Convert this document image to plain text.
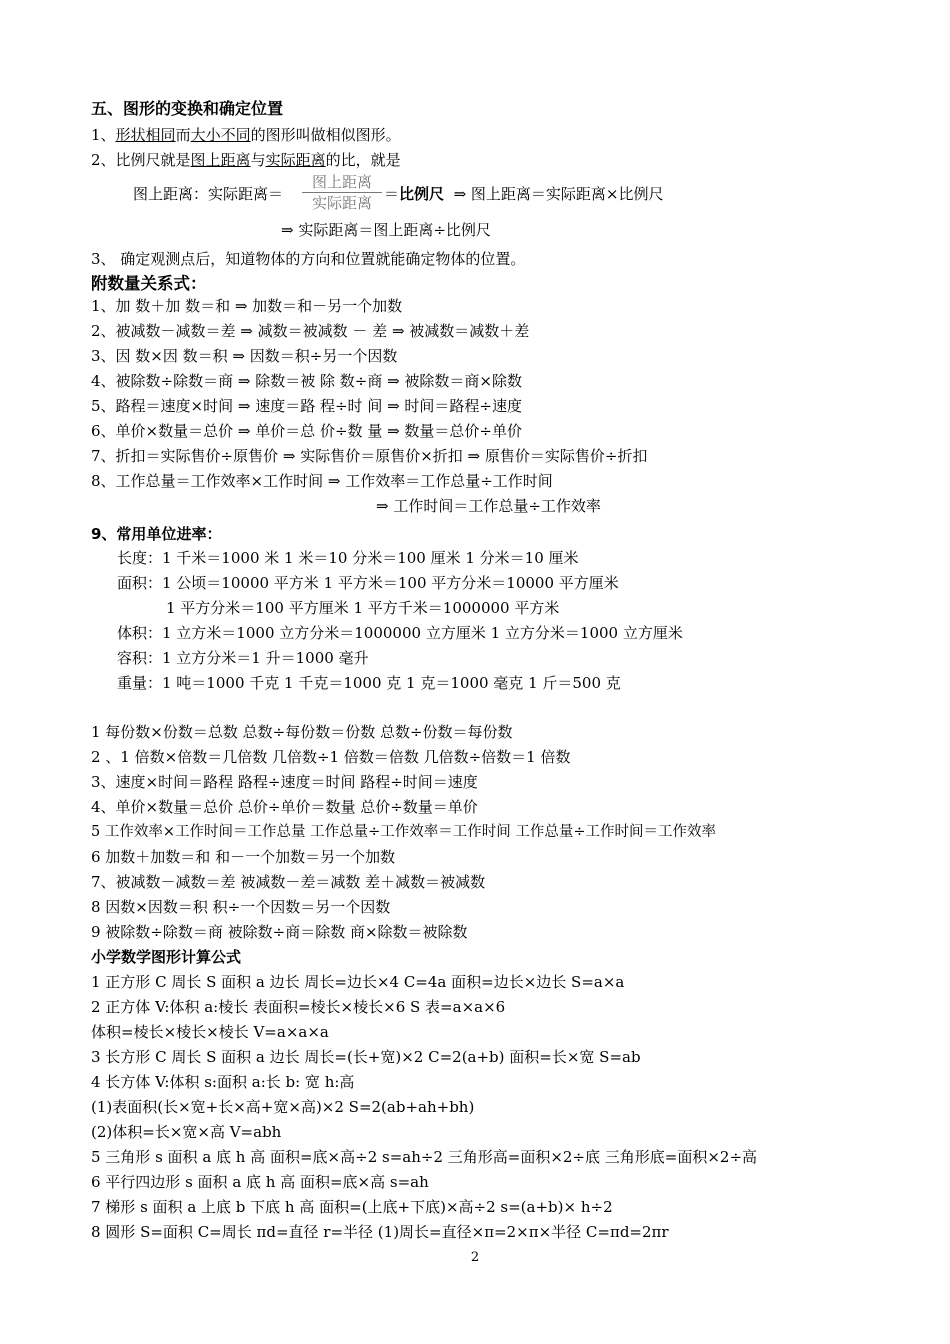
五、图形的变换和确定位置
1、形状相同而大小不同的图形叫做相似图形。
2、比例尺就是图上距离与实际距离的比，就是
图上距离：实际距离＝
图上距离
实际距离 ＝比例尺 ⇒ 图上距离＝实际距离×比例尺
⇒ 实际距离＝图上距离÷比例尺
3、 确定观测点后，知道物体的方向和位置就能确定物体的位置。
附数量关系式：
1、加 数＋加 数＝和 ⇒ 加数＝和－另一个加数
2、被减数－减数＝差 ⇒ 减数＝被减数 － 差 ⇒ 被减数＝减数＋差
3、因 数×因 数＝积 ⇒ 因数＝积÷另一个因数
4、被除数÷除数＝商 ⇒ 除数＝被 除 数÷商 ⇒ 被除数＝商×除数
5、路程＝速度×时间 ⇒ 速度＝路 程÷时 间 ⇒ 时间＝路程÷速度
6、单价×数量＝总价 ⇒ 单价＝总 价÷数 量 ⇒ 数量＝总价÷单价
7、折扣＝实际售价÷原售价 ⇒ 实际售价＝原售价×折扣 ⇒ 原售价＝实际售价÷折扣
8、工作总量＝工作效率×工作时间 ⇒ 工作效率＝工作总量÷工作时间
⇒ 工作时间＝工作总量÷工作效率
9、常用单位进率：
长度：1 千米＝1000 米 1 米＝10 分米＝100 厘米 1 分米＝10 厘米
面积：1 公顷＝10000 平方米 1 平方米＝100 平方分米＝10000 平方厘米
1 平方分米＝100 平方厘米 1 平方千米＝1000000 平方米
体积：1 立方米＝1000 立方分米＝1000000 立方厘米 1 立方分米＝1000 立方厘米
容积：1 立方分米＝1 升＝1000 毫升
重量：1 吨＝1000 千克 1 千克＝1000 克 1 克＝1000 毫克 1 斤＝500 克
1 每份数×份数＝总数 总数÷每份数＝份数 总数÷份数＝每份数
2 、1 倍数×倍数＝几倍数 几倍数÷1 倍数＝倍数 几倍数÷倍数＝1 倍数
3、速度×时间＝路程 路程÷速度＝时间 路程÷时间＝速度
4、单价×数量＝总价 总价÷单价＝数量 总价÷数量＝单价
5 工作效率×工作时间＝工作总量 工作总量÷工作效率＝工作时间 工作总量÷工作时间＝工作效率
6 加数＋加数＝和 和－一个加数＝另一个加数
7、被减数－减数＝差 被减数－差＝减数 差＋减数＝被减数
8 因数×因数＝积 积÷一个因数＝另一个因数
9 被除数÷除数＝商 被除数÷商＝除数 商×除数＝被除数
小学数学图形计算公式
1 正方形 C 周长 S 面积 a 边长 周长=边长×4 C=4a 面积=边长×边长 S=a×a
2 正方体 V:体积 a:棱长 表面积=棱长×棱长×6 S 表=a×a×6
体积=棱长×棱长×棱长 V=a×a×a
3 长方形 C 周长 S 面积 a 边长 周长=(长+宽)×2 C=2(a+b) 面积=长×宽 S=ab
4 长方体 V:体积 s:面积 a:长 b: 宽 h:高
(1)表面积(长×宽+长×高+宽×高)×2 S=2(ab+ah+bh)
(2)体积=长×宽×高 V=abh
5 三角形 s 面积 a 底 h 高 面积=底×高÷2 s=ah÷2 三角形高=面积×2÷底 三角形底=面积×2÷高
6 平行四边形 s 面积 a 底 h 高 面积=底×高 s=ah
7 梯形 s 面积 a 上底 b 下底 h 高 面积=(上底+下底)×高÷2 s=(a+b)× h÷2
8 圆形 S=面积 C=周长 πd=直径 r=半径 (1)周长=直径×π=2×π×半径 C=πd=2πr
2
